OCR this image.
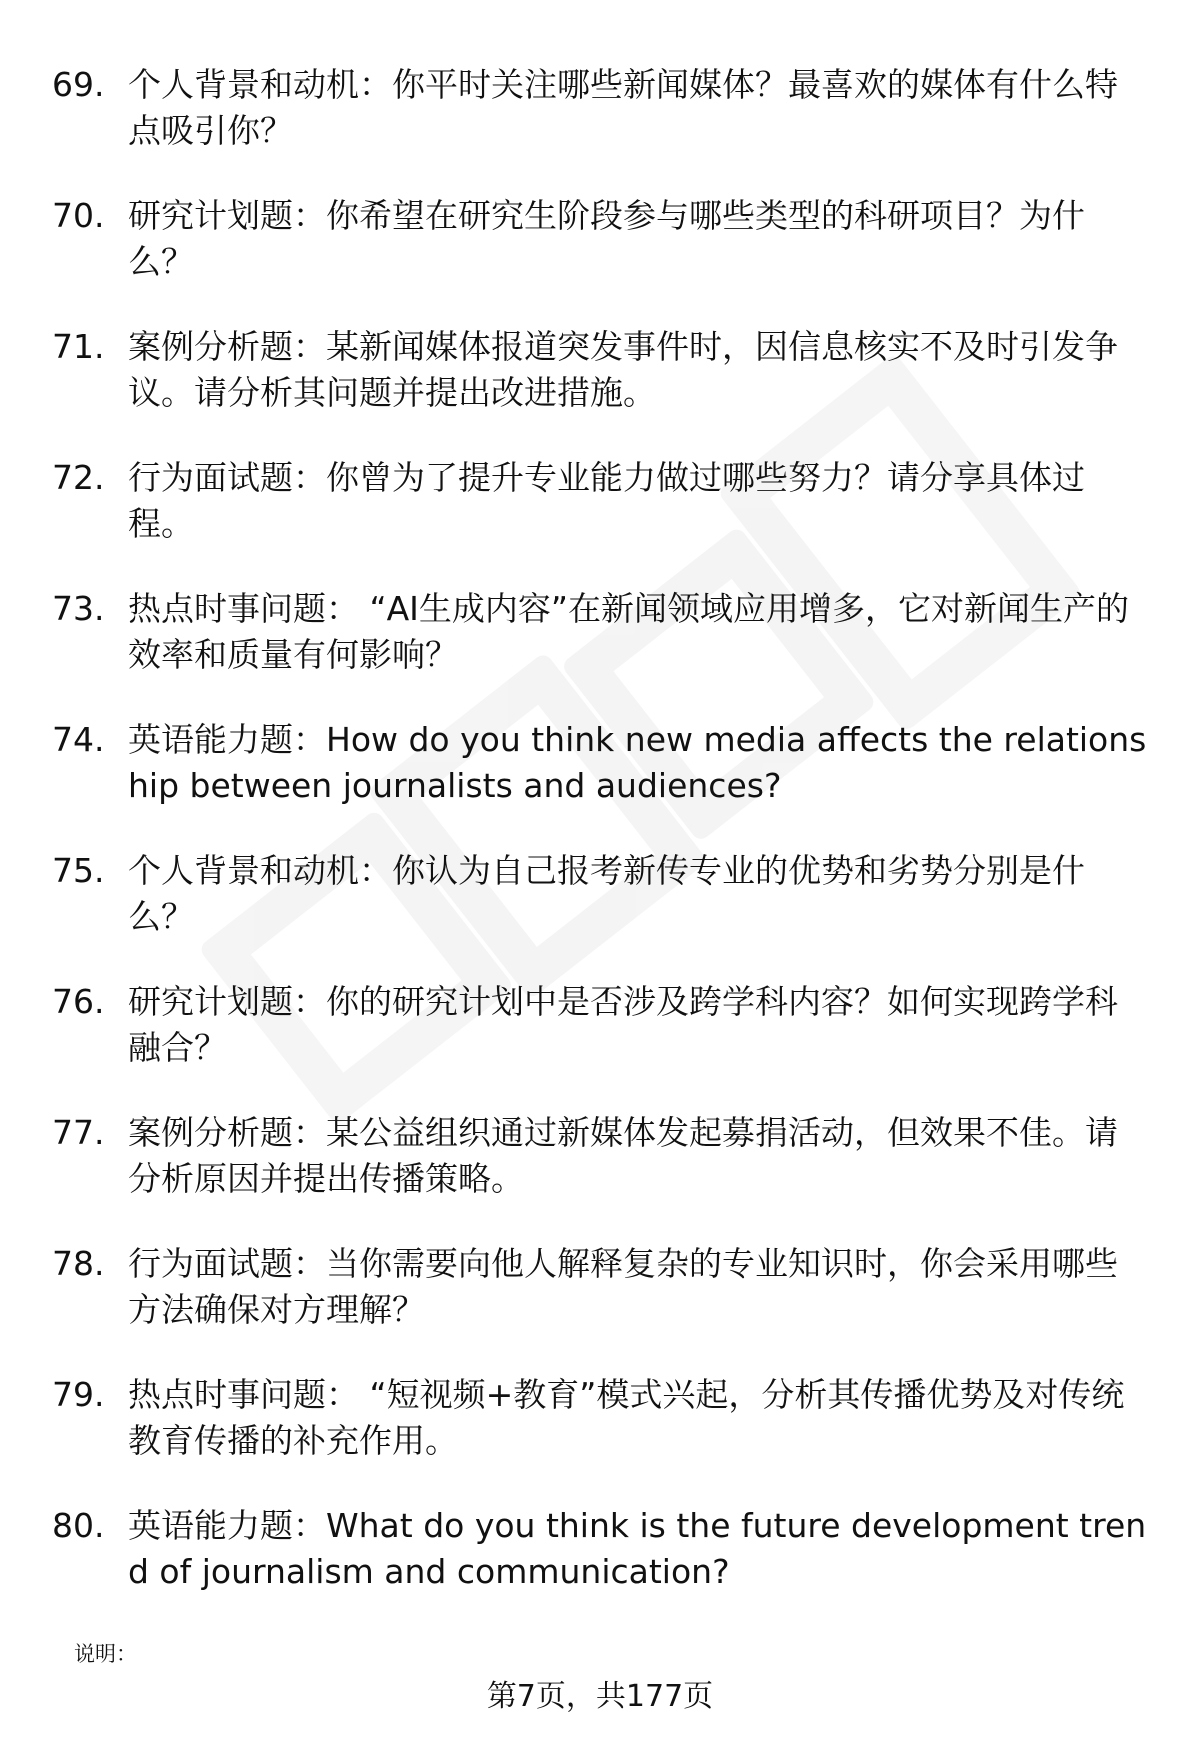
69. 个人背景和动机：你平时关注哪些新闻媒体？最喜欢的媒体有什么特点吸引你？
70. 研究计划题：你希望在研究生阶段参与哪些类型的科研项目？为什么？
71. 案例分析题：某新闻媒体报道突发事件时，因信息核实不及时引发争议。请分析其问题并提出改进措施。
72. 行为面试题：你曾为了提升专业能力做过哪些努力？请分享具体过程。
73. 热点时事问题： “AI生成内容”在新闻领域应用增多，它对新闻生产的效率和质量有何影响？
74. 英语能力题：How do you think new media affects the relationship between journalists and audiences?
75. 个人背景和动机：你认为自己报考新传专业的优势和劣势分别是什么？
76. 研究计划题：你的研究计划中是否涉及跨学科内容？如何实现跨学科融合？
77. 案例分析题：某公益组织通过新媒体发起募捐活动，但效果不佳。请分析原因并提出传播策略。
78. 行为面试题：当你需要向他人解释复杂的专业知识时，你会采用哪些方法确保对方理解？
79. 热点时事问题： “短视频+教育”模式兴起，分析其传播优势及对传统教育传播的补充作用。
80. 英语能力题：What do you think is the future development trend of journalism and communication?
说明：
第7页，共177页
